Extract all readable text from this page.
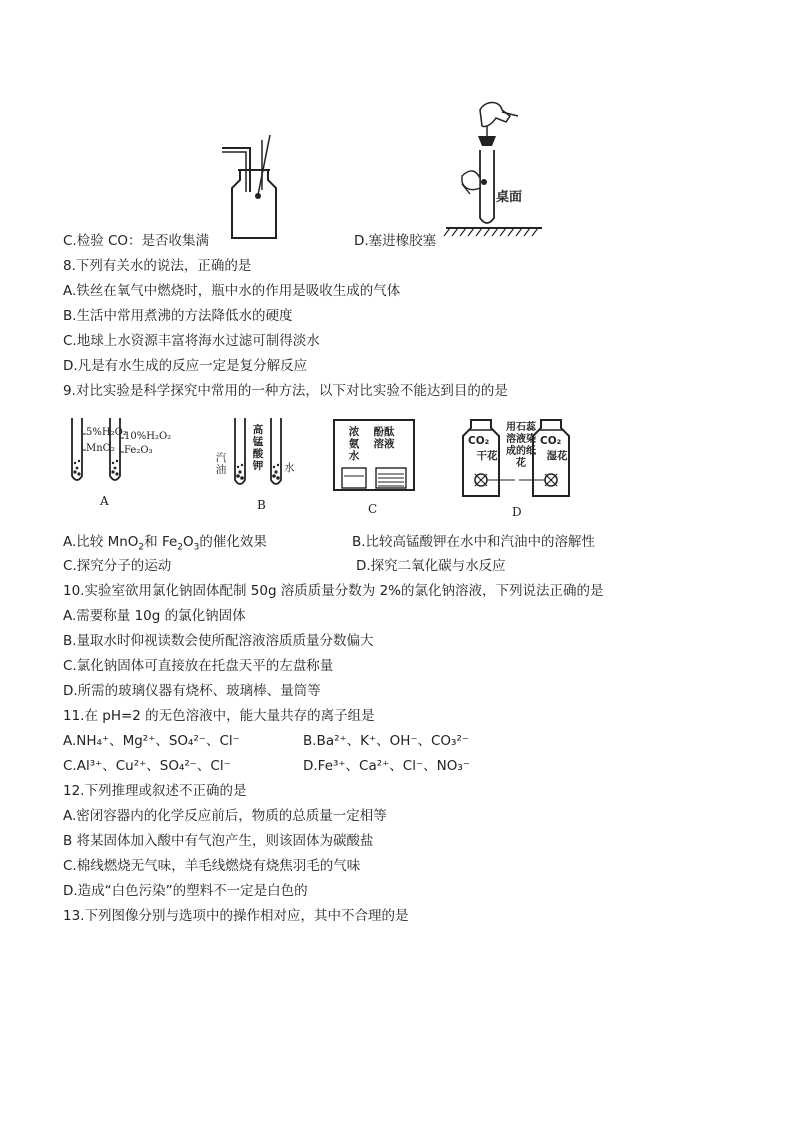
桌面
C.检验 CO：是否收集满	D.塞进橡胶塞
8.下列有关水的说法，正确的是
A.铁丝在氧气中燃烧时，瓶中水的作用是吸收生成的气体
B.生活中常用煮沸的方法降低水的硬度
C.地球上水资源丰富将海水过滤可制得淡水
D.凡是有水生成的反应一定是复分解反应
9.对比实验是科学探究中常用的一种方法，以下对比实验不能达到目的的是
5%H₂O₂
MnO₂
10%H₂O₂
Fe₂O₃
A
汽油
高锰酸钾 水
B
浓氨水
酚酞溶液
C
CO₂	CO₂
干花	湿花
用石蕊溶液染成的纸花
D
A.比较 MnO$_2$和 $Fe_2O_3$的催化效果	B.比较高锰酸钾在水中和汽油中的溶解性
C.探究分子的运动	D.探究二氧化碳与水反应
10.实验室欲用氯化钠固体配制 50g 溶质质量分数为 2%的氯化钠溶液，下列说法正确的是
A.需要称量 10g 的氯化钠固体
B.量取水时仰视读数会使所配溶液溶质质量分数偏大
C.氯化钠固体可直接放在托盘天平的左盘称量
D.所需的玻璃仪器有烧杯、玻璃棒、量筒等
11.在 pH=2 的无色溶液中，能大量共存的离子组是
A.NH₄⁺、Mg²⁺、SO₄²⁻、Cl⁻	B.Ba²⁺、K⁺、OH⁻、CO₃²⁻
C.Al³⁺、Cu²⁺、SO₄²⁻、Cl⁻	D.Fe³⁺、Ca²⁺、Cl⁻、NO₃⁻
12.下列推理或叙述不正确的是
A.密闭容器内的化学反应前后，物质的总质量一定相等
B 将某固体加入酸中有气泡产生，则该固体为碳酸盐
C.棉线燃烧无气味，羊毛线燃烧有烧焦羽毛的气味
D.造成“白色污染”的塑料不一定是白色的
13.下列图像分别与选项中的操作相对应，其中不合理的是
